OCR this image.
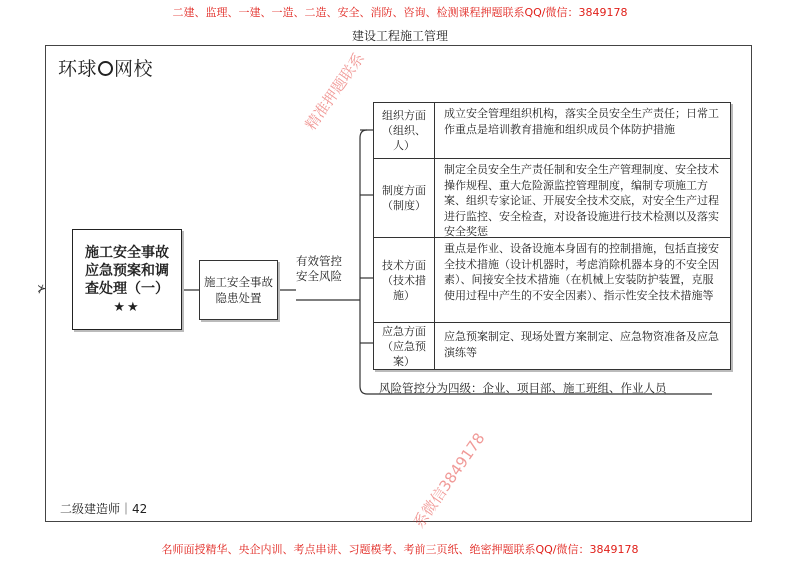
二建、监理、一建、一造、二造、安全、消防、咨询、检测课程押题联系QQ/微信：3849178
建设工程施工管理
环球 网校
⊁
施工安全事故应急预案和调查处理（一）
★★
施工安全事故隐患处置
有效管控安全风险
组织方面（组织、人）
成立安全管理组织机构，落实全员安全生产责任；日常工作重点是培训教育措施和组织成员个体防护措施
制度方面（制度）
制定全员安全生产责任制和安全生产管理制度、安全技术操作规程、重大危险源监控管理制度，编制专项施工方案、组织专家论证、开展安全技术交底，对安全生产过程进行监控、安全检查，对设备设施进行技术检测以及落实安全奖惩
技术方面（技术措施）
重点是作业、设备设施本身固有的控制措施，包括直接安全技术措施（设计机器时，考虑消除机器本身的不安全因素）、间接安全技术措施（在机械上安装防护装置，克服使用过程中产生的不安全因素）、指示性安全技术措施等
应急方面（应急预案）
应急预案制定、现场处置方案制定、应急物资准备及应急演练等
风险管控分为四级：企业、项目部、施工班组、作业人员
二级建造师｜42
精准押题联系
系微信3849178
名师面授精华、央企内训、考点串讲、习题模考、考前三页纸、绝密押题联系QQ/微信：3849178
